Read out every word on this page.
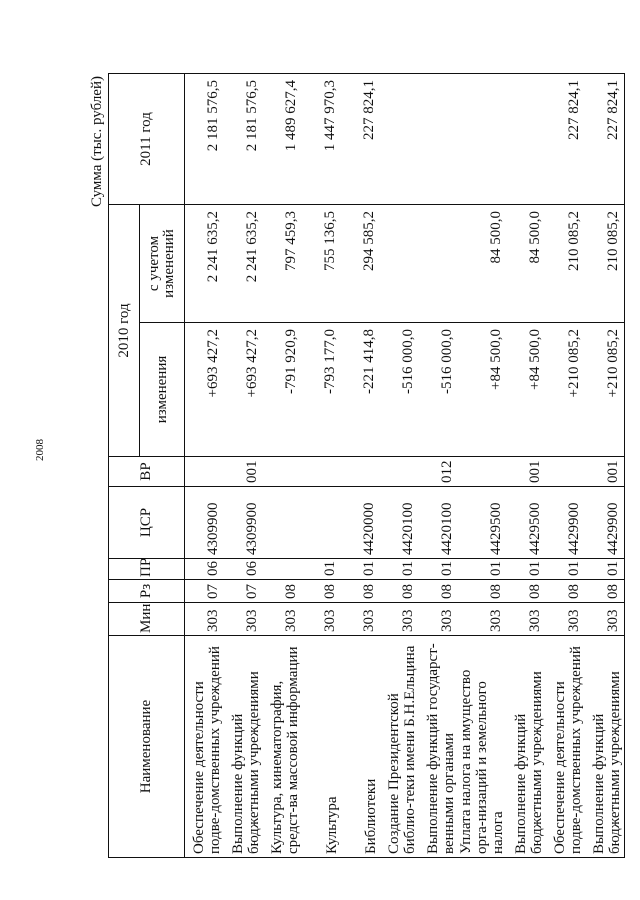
2008
Сумма (тыс. рублей)
Наименование	Мин	Рз	ПР	ЦСР	ВР	2010 год		2011 год
						изменения	с учетом изменений	
Обеспечение деятельности подве-домственных учреждений	303	07	06	4309900		+693 427,2	2 241 635,2	2 181 576,5
Выполнение функций бюджетными учреждениями	303	07	06	4309900	001	+693 427,2	2 241 635,2	2 181 576,5
Культура, кинематография, средст-ва массовой информации	303	08				-791 920,9	797 459,3	1 489 627,4
Культура	303	08	01			-793 177,0	755 136,5	1 447 970,3
Библиотеки	303	08	01	4420000		-221 414,8	294 585,2	227 824,1
Создание Президентской библио-теки имени Б.Н.Ельцина	303	08	01	4420100		-516 000,0		
Выполнение функций государст-венными органами	303	08	01	4420100	012	-516 000,0		
Уплата налога на имущество орга-низаций и земельного налога	303	08	01	4429500		+84 500,0	84 500,0	
Выполнение функций бюджетными учреждениями	303	08	01	4429500	001	+84 500,0	84 500,0	
Обеспечение деятельности подве-домственных учреждений	303	08	01	4429900		+210 085,2	210 085,2	227 824,1
Выполнение функций бюджетными учреждениями	303	08	01	4429900	001	+210 085,2	210 085,2	227 824,1
